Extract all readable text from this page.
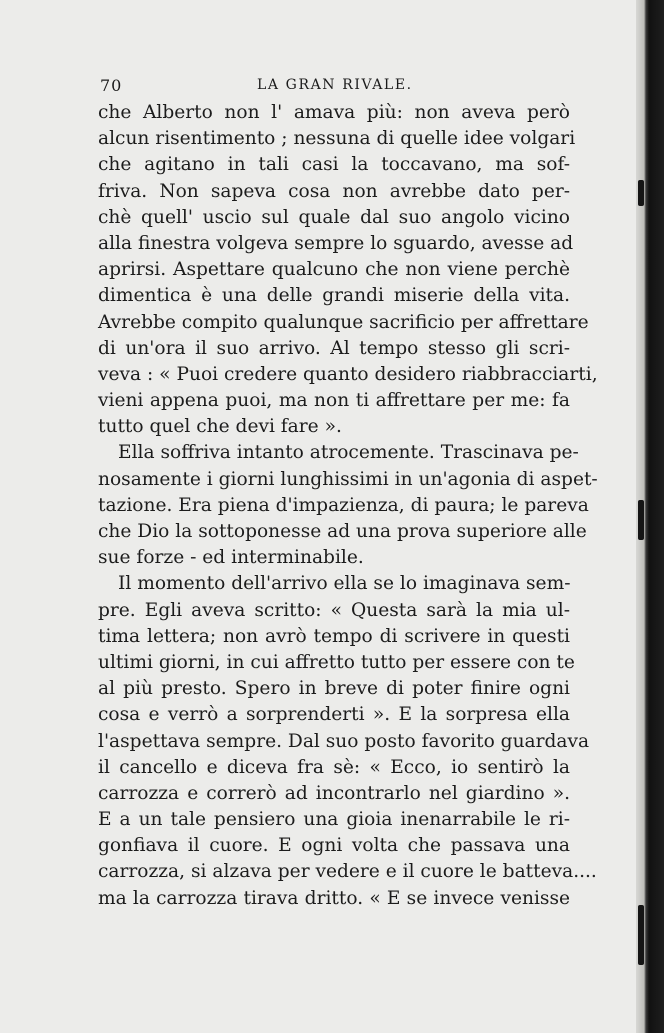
70	LA GRAN RIVALE.
che Alberto non l' amava più: non aveva però
alcun risentimento ; nessuna di quelle idee volgari
che agitano in tali casi la toccavano, ma sof-
friva. Non sapeva cosa non avrebbe dato per-
chè quell' uscio sul quale dal suo angolo vicino
alla finestra volgeva sempre lo sguardo, avesse ad
aprirsi. Aspettare qualcuno che non viene perchè
dimentica è una delle grandi miserie della vita.
Avrebbe compito qualunque sacrificio per affrettare
di un'ora il suo arrivo. Al tempo stesso gli scri-
veva : « Puoi credere quanto desidero riabbracciarti,
vieni appena puoi, ma non ti affrettare per me: fa
tutto quel che devi fare ».
Ella soffriva intanto atrocemente. Trascinava pe-
nosamente i giorni lunghissimi in un'agonia di aspet-
tazione. Era piena d'impazienza, di paura; le pareva
che Dio la sottoponesse ad una prova superiore alle
sue forze - ed interminabile.
Il momento dell'arrivo ella se lo imaginava sem-
pre. Egli aveva scritto: « Questa sarà la mia ul-
tima lettera; non avrò tempo di scrivere in questi
ultimi giorni, in cui affretto tutto per essere con te
al più presto. Spero in breve di poter finire ogni
cosa e verrò a sorprenderti ». E la sorpresa ella
l'aspettava sempre. Dal suo posto favorito guardava
il cancello e diceva fra sè: « Ecco, io sentirò la
carrozza e correrò ad incontrarlo nel giardino ».
E a un tale pensiero una gioia inenarrabile le ri-
gonfiava il cuore. E ogni volta che passava una
carrozza, si alzava per vedere e il cuore le batteva....
ma la carrozza tirava dritto. « E se invece venisse
